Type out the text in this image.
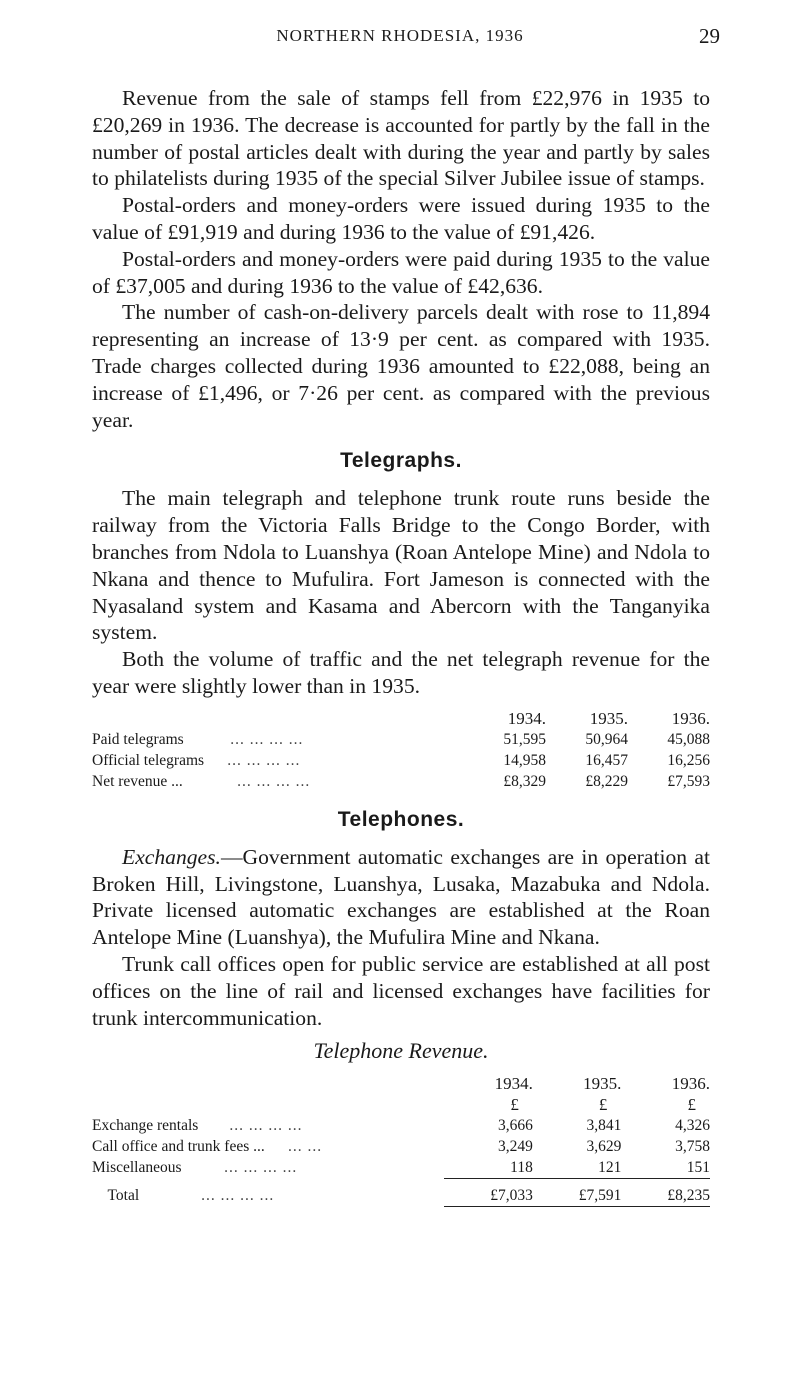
NORTHERN RHODESIA, 1936	29

Revenue from the sale of stamps fell from £22,976 in 1935 to £20,269 in 1936. The decrease is accounted for partly by the fall in the number of postal articles dealt with during the year and partly by sales to philatelists during 1935 of the special Silver Jubilee issue of stamps.

Postal-orders and money-orders were issued during 1935 to the value of £91,919 and during 1936 to the value of £91,426.

Postal-orders and money-orders were paid during 1935 to the value of £37,005 and during 1936 to the value of £42,636.

The number of cash-on-delivery parcels dealt with rose to 11,894 representing an increase of 13·9 per cent. as compared with 1935. Trade charges collected during 1936 amounted to £22,088, being an increase of £1,496, or 7·26 per cent. as compared with the previous year.

Telegraphs.

The main telegraph and telephone trunk route runs beside the railway from the Victoria Falls Bridge to the Congo Border, with branches from Ndola to Luanshya (Roan Antelope Mine) and Ndola to Nkana and thence to Mufulira. Fort Jameson is connected with the Nyasaland system and Kasama and Abercorn with the Tanganyika system.

Both the volume of traffic and the net telegraph revenue for the year were slightly lower than in 1935.

	1934.	1935.	1936.
Paid telegrams ... ... ... ...	51,595	50,964	45,088
Official telegrams ... ... ... ...	14,958	16,457	16,256
Net revenue ... ... ... ... ...	£8,329	£8,229	£7,593
Telephones.

Exchanges.—Government automatic exchanges are in operation at Broken Hill, Livingstone, Luanshya, Lusaka, Mazabuka and Ndola. Private licensed automatic exchanges are established at the Roan Antelope Mine (Luanshya), the Mufulira Mine and Nkana.

Trunk call offices open for public service are established at all post offices on the line of rail and licensed exchanges have facilities for trunk intercommunication.

Telephone Revenue.
	1934.	1935.	1936.
	£	£	£
Exchange rentals ... ... ... ...	3,666	3,841	4,326
Call office and trunk fees ... ... ...	3,249	3,629	3,758
Miscellaneous ... ... ... ...	118	121	151

Total ... ... ... ...	£7,033	£7,591	£8,235
